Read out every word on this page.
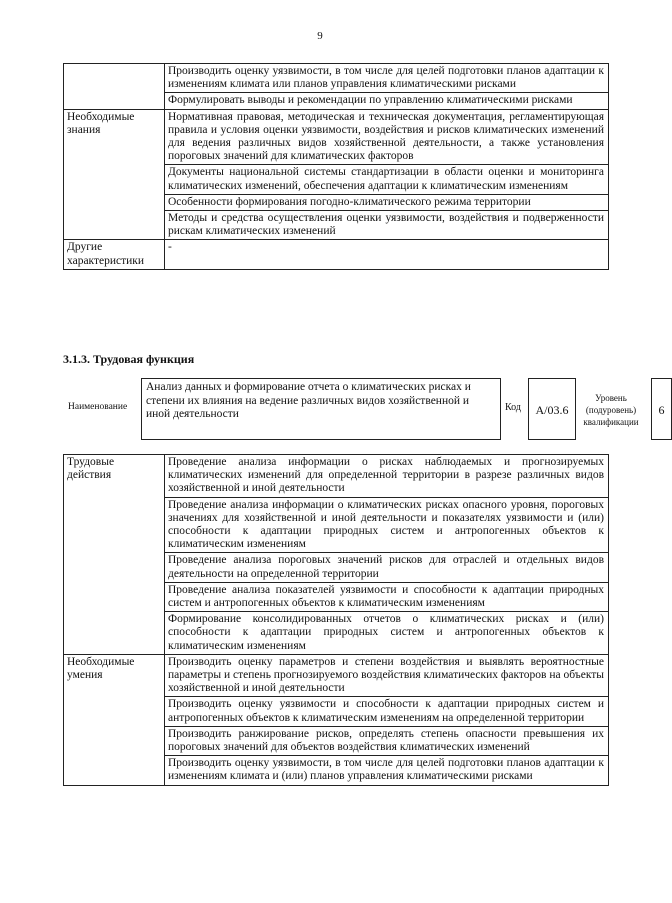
9
	Производить оценку уязвимости, в том числе для целей подготовки планов адаптации к изменениям климата или планов управления климатическими рисками
	Формулировать выводы и рекомендации по управлению климатическими рисками
Необходимые знания	Нормативная правовая, методическая и техническая документация, регламентирующая правила и условия оценки уязвимости, воздействия и рисков климатических изменений для ведения различных видов хозяйственной деятельности, а также установления пороговых значений для климатических факторов
	Документы национальной системы стандартизации в области оценки и мониторинга климатических изменений, обеспечения адаптации к климатическим изменениям
	Особенности формирования погодно-климатического режима территории
	Методы и средства осуществления оценки уязвимости, воздействия и подверженности рискам климатических изменений
Другие характеристики	-
3.1.3. Трудовая функция
Наименование
Анализ данных и формирование отчета о климатических рисках и степени их влияния на ведение различных видов хозяйственной и иной деятельности
Код	A/03.6
Уровень (подуровень) квалификации
6
Трудовые действия	Проведение анализа информации о рисках наблюдаемых и прогнозируемых климатических изменений для определенной территории в разрезе различных видов хозяйственной и иной деятельности
	Проведение анализа информации о климатических рисках опасного уровня, пороговых значениях для хозяйственной и иной деятельности и показателях уязвимости и (или) способности к адаптации природных систем и антропогенных объектов к климатическим изменениям
	Проведение анализа пороговых значений рисков для отраслей и отдельных видов деятельности на определенной территории
	Проведение анализа показателей уязвимости и способности к адаптации природных систем и антропогенных объектов к климатическим изменениям
	Формирование консолидированных отчетов о климатических рисках и (или) способности к адаптации природных систем и антропогенных объектов к климатическим изменениям
Необходимые умения	Производить оценку параметров и степени воздействия и выявлять вероятностные параметры и степень прогнозируемого воздействия климатических факторов на объекты хозяйственной и иной деятельности
	Производить оценку уязвимости и способности к адаптации природных систем и антропогенных объектов к климатическим изменениям на определенной территории
	Производить ранжирование рисков, определять степень опасности превышения их пороговых значений для объектов воздействия климатических изменений
	Производить оценку уязвимости, в том числе для целей подготовки планов адаптации к изменениям климата и (или) планов управления климатическими рисками
